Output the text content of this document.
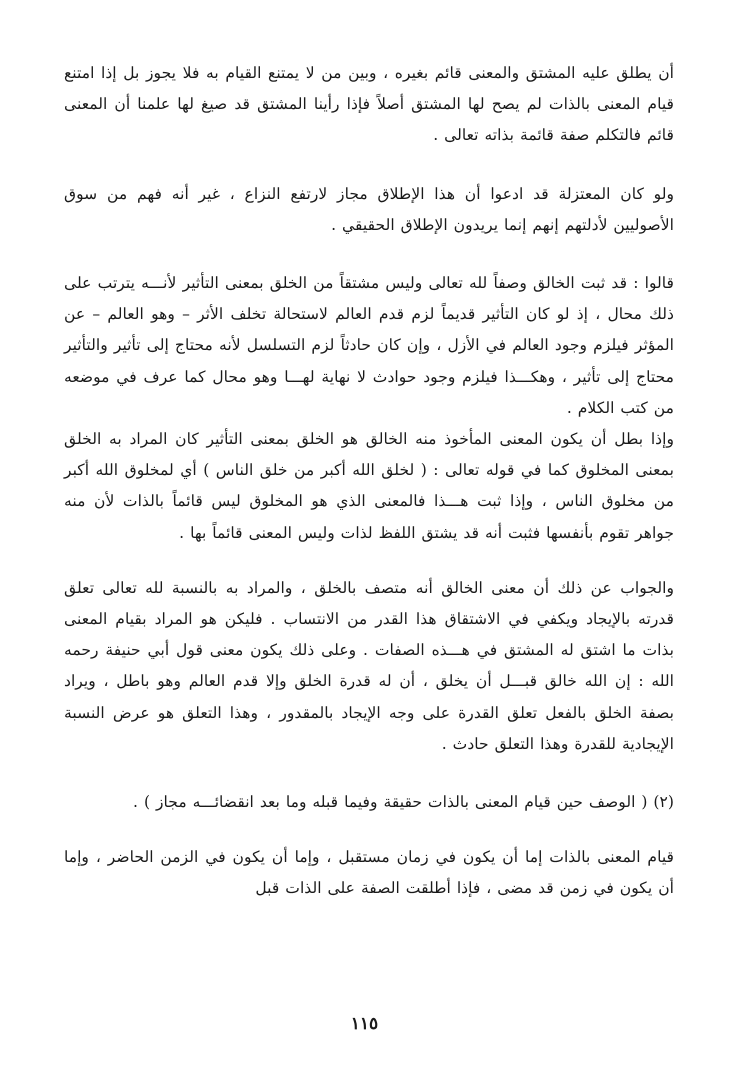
أن يطلق عليه المشتق والمعنى قائم بغيره ، وبين من لا يمتنع القيام به فلا يجوز بل إذا امتنع قيام المعنى بالذات لم يصح لها المشتق أصلاً فإذا رأينا المشتق قد صيغ لها علمنا أن المعنى قائم فالتكلم صفة قائمة بذاته تعالى .

ولو كان المعتزلة قد ادعوا أن هذا الإطلاق مجاز لارتفع النزاع ، غير أنه فهم من سوق الأصوليين لأدلتهم إنهم إنما يريدون الإطلاق الحقيقي .

قالوا : قد ثبت الخالق وصفاً لله تعالى وليس مشتقاً من الخلق بمعنى التأثير لأنـــه يترتب على ذلك محال ، إذ لو كان التأثير قديماً لزم قدم العالم لاستحالة تخلف الأثر – وهو العالم – عن المؤثر فيلزم وجود العالم في الأزل ، وإن كان حادثاً لزم التسلسل لأنه محتاج إلى تأثير والتأثير محتاج إلى تأثير ، وهكـــذا فيلزم وجود حوادث لا نهاية لهـــا وهو محال كما عرف في موضعه من كتب الكلام .

وإذا بطل أن يكون المعنى المأخوذ منه الخالق هو الخلق بمعنى التأثير كان المراد به الخلق بمعنى المخلوق كما في قوله تعالى : ( لخلق الله أكبر من خلق الناس ) أي لمخلوق الله أكبر من مخلوق الناس ، وإذا ثبت هـــذا فالمعنى الذي هو المخلوق ليس قائماً بالذات لأن منه جواهر تقوم بأنفسها فثبت أنه قد يشتق اللفظ لذات وليس المعنى قائماً بها .

والجواب عن ذلك أن معنى الخالق أنه متصف بالخلق ، والمراد به بالنسبة لله تعالى تعلق قدرته بالإيجاد ويكفي في الاشتقاق هذا القدر من الانتساب . فليكن هو المراد بقيام المعنى بذات ما اشتق له المشتق في هـــذه الصفات . وعلى ذلك يكون معنى قول أبي حنيفة رحمه الله : إن الله خالق قبـــل أن يخلق ، أن له قدرة الخلق وإلا قدم العالم وهو باطل ، ويراد بصفة الخلق بالفعل تعلق القدرة على وجه الإيجاد بالمقدور ، وهذا التعلق هو عرض النسبة الإيجادية للقدرة وهذا التعلق حادث .

(٢) ( الوصف حين قيام المعنى بالذات حقيقة وفيما قبله وما بعد انقضائـــه مجاز ) .

قيام المعنى بالذات إما أن يكون في زمان مستقبل ، وإما أن يكون في الزمن الحاضر ، وإما أن يكون في زمن قد مضى ، فإذا أطلقت الصفة على الذات قبل

١١٥
